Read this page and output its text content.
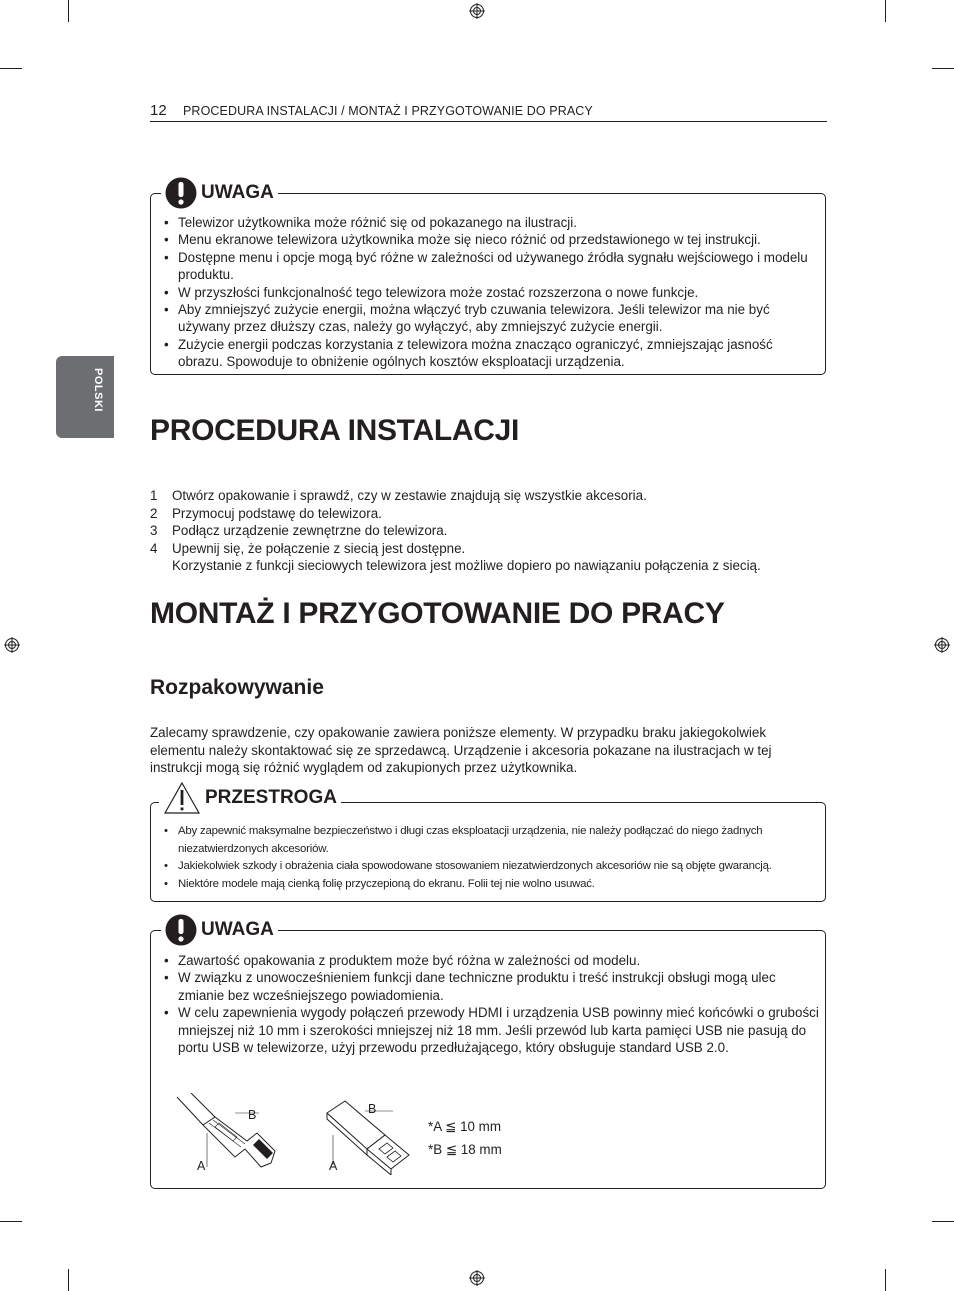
12 PROCEDURA INSTALACJI / MONTAŻ I PRZYGOTOWANIE DO PRACY
POLSKI
UWAGA
• Telewizor użytkownika może różnić się od pokazanego na ilustracji.
• Menu ekranowe telewizora użytkownika może się nieco różnić od przedstawionego w tej instrukcji.
• Dostępne menu i opcje mogą być różne w zależności od używanego źródła sygnału wejściowego i modelu produktu.
• W przyszłości funkcjonalność tego telewizora może zostać rozszerzona o nowe funkcje.
• Aby zmniejszyć zużycie energii, można włączyć tryb czuwania telewizora. Jeśli telewizor ma nie być używany przez dłuższy czas, należy go wyłączyć, aby zmniejszyć zużycie energii.
• Zużycie energii podczas korzystania z telewizora można znacząco ograniczyć, zmniejszając jasność obrazu. Spowoduje to obniżenie ogólnych kosztów eksploatacji urządzenia.
PROCEDURA INSTALACJI
1 Otwórz opakowanie i sprawdź, czy w zestawie znajdują się wszystkie akcesoria.
2 Przymocuj podstawę do telewizora.
3 Podłącz urządzenie zewnętrzne do telewizora.
4 Upewnij się, że połączenie z siecią jest dostępne.
Korzystanie z funkcji sieciowych telewizora jest możliwe dopiero po nawiązaniu połączenia z siecią.
MONTAŻ I PRZYGOTOWANIE DO PRACY
Rozpakowywanie
Zalecamy sprawdzenie, czy opakowanie zawiera poniższe elementy. W przypadku braku jakiegokolwiek elementu należy skontaktować się ze sprzedawcą. Urządzenie i akcesoria pokazane na ilustracjach w tej instrukcji mogą się różnić wyglądem od zakupionych przez użytkownika.
PRZESTROGA
• Aby zapewnić maksymalne bezpieczeństwo i długi czas eksploatacji urządzenia, nie należy podłączać do niego żadnych niezatwierdzonych akcesoriów.
• Jakiekolwiek szkody i obrażenia ciała spowodowane stosowaniem niezatwierdzonych akcesoriów nie są objęte gwarancją.
• Niektóre modele mają cienką folię przyczepioną do ekranu. Folii tej nie wolno usuwać.
UWAGA
• Zawartość opakowania z produktem może być różna w zależności od modelu.
• W związku z unowocześnieniem funkcji dane techniczne produktu i treść instrukcji obsługi mogą ulec zmianie bez wcześniejszego powiadomienia.
• W celu zapewnienia wygody połączeń przewody HDMI i urządzenia USB powinny mieć końcówki o grubości mniejszej niż 10 mm i szerokości mniejszej niż 18 mm. Jeśli przewód lub karta pamięci USB nie pasują do portu USB w telewizorze, użyj przewodu przedłużającego, który obsługuje standard USB 2.0.
A
B
A
B
*A ≦ 10 mm
*B ≦ 18 mm
